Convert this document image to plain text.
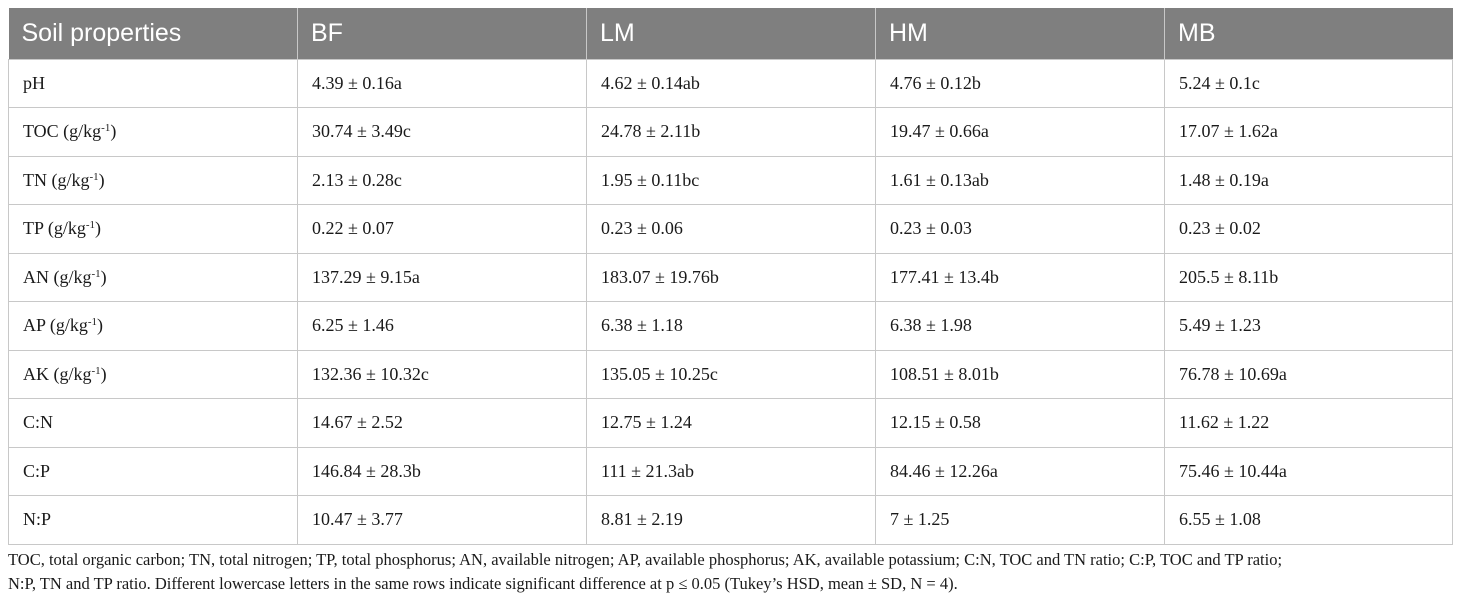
Soil properties	BF	LM	HM	MB
pH	4.39 ± 0.16a	4.62 ± 0.14ab	4.76 ± 0.12b	5.24 ± 0.1c
TOC $(g/kg^{-1})$	30.74 ± 3.49c	24.78 ± 2.11b	19.47 ± 0.66a	17.07 ± 1.62a
TN $(g/kg^{-1})$	2.13 ± 0.28c	1.95 ± 0.11bc	1.61 ± 0.13ab	1.48 ± 0.19a
TP $(g/kg^{-1})$	0.22 ± 0.07	0.23 ± 0.06	0.23 ± 0.03	0.23 ± 0.02
AN $(g/kg^{-1})$	137.29 ± 9.15a	183.07 ± 19.76b	177.41 ± 13.4b	205.5 ± 8.11b
AP $(g/kg^{-1})$	6.25 ± 1.46	6.38 ± 1.18	6.38 ± 1.98	5.49 ± 1.23
AK $(g/kg^{-1})$	132.36 ± 10.32c	135.05 ± 10.25c	108.51 ± 8.01b	76.78 ± 10.69a
C:N	14.67 ± 2.52	12.75 ± 1.24	12.15 ± 0.58	11.62 ± 1.22
C:P	146.84 ± 28.3b	111 ± 21.3ab	84.46 ± 12.26a	75.46 ± 10.44a
N:P	10.47 ± 3.77	8.81 ± 2.19	7 ± 1.25	6.55 ± 1.08
TOC, total organic carbon; TN, total nitrogen; TP, total phosphorus; AN, available nitrogen; AP, available phosphorus; AK, available potassium; C:N, TOC and TN ratio; C:P, TOC and TP ratio;
N:P, TN and TP ratio. Different lowercase letters in the same rows indicate significant difference at p ≤ 0.05 (Tukey’s HSD, mean ± SD, N = 4).
